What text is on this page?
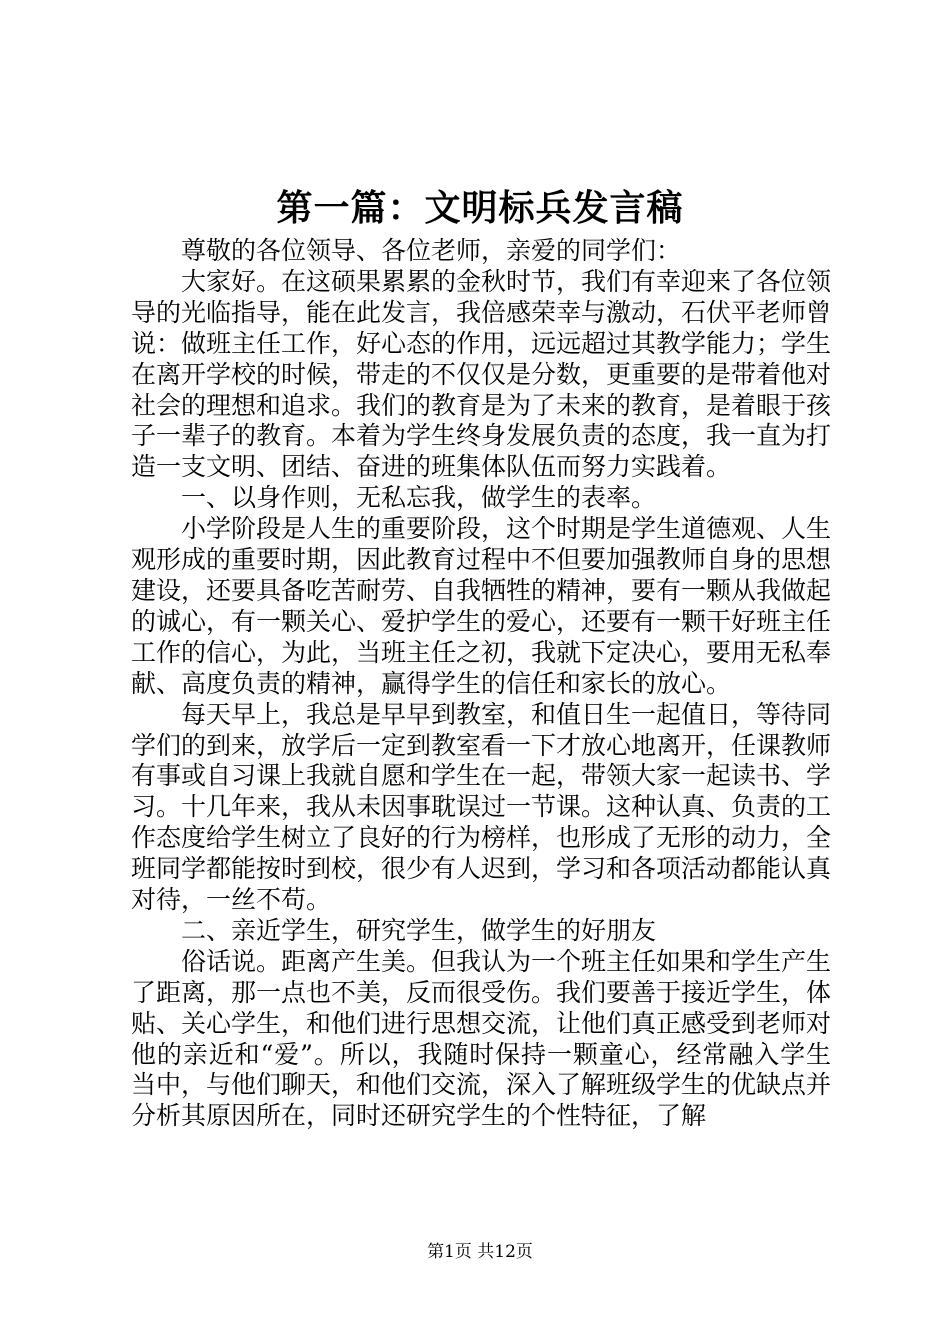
第一篇：文明标兵发言稿

尊敬的各位领导、各位老师，亲爱的同学们：

大家好。在这硕果累累的金秋时节，我们有幸迎来了各位领导的光临指导，能在此发言，我倍感荣幸与激动，石伏平老师曾说：做班主任工作，好心态的作用，远远超过其教学能力；学生在离开学校的时候，带走的不仅仅是分数，更重要的是带着他对社会的理想和追求。我们的教育是为了未来的教育，是着眼于孩子一辈子的教育。本着为学生终身发展负责的态度，我一直为打造一支文明、团结、奋进的班集体队伍而努力实践着。

一、以身作则，无私忘我，做学生的表率。

小学阶段是人生的重要阶段，这个时期是学生道德观、人生观形成的重要时期，因此教育过程中不但要加强教师自身的思想建设，还要具备吃苦耐劳、自我牺牲的精神，要有一颗从我做起的诚心，有一颗关心、爱护学生的爱心，还要有一颗干好班主任工作的信心，为此，当班主任之初，我就下定决心，要用无私奉献、高度负责的精神，赢得学生的信任和家长的放心。

每天早上，我总是早早到教室，和值日生一起值日，等待同学们的到来，放学后一定到教室看一下才放心地离开，任课教师有事或自习课上我就自愿和学生在一起，带领大家一起读书、学习。十几年来，我从未因事耽误过一节课。这种认真、负责的工作态度给学生树立了良好的行为榜样，也形成了无形的动力，全班同学都能按时到校，很少有人迟到，学习和各项活动都能认真对待，一丝不苟。

二、亲近学生，研究学生，做学生的好朋友

俗话说。距离产生美。但我认为一个班主任如果和学生产生了距离，那一点也不美，反而很受伤。我们要善于接近学生，体贴、关心学生，和他们进行思想交流，让他们真正感受到老师对他的亲近和“爱”。所以，我随时保持一颗童心，经常融入学生当中，与他们聊天，和他们交流，深入了解班级学生的优缺点并分析其原因所在，同时还研究学生的个性特征，了解

第1页 共12页
